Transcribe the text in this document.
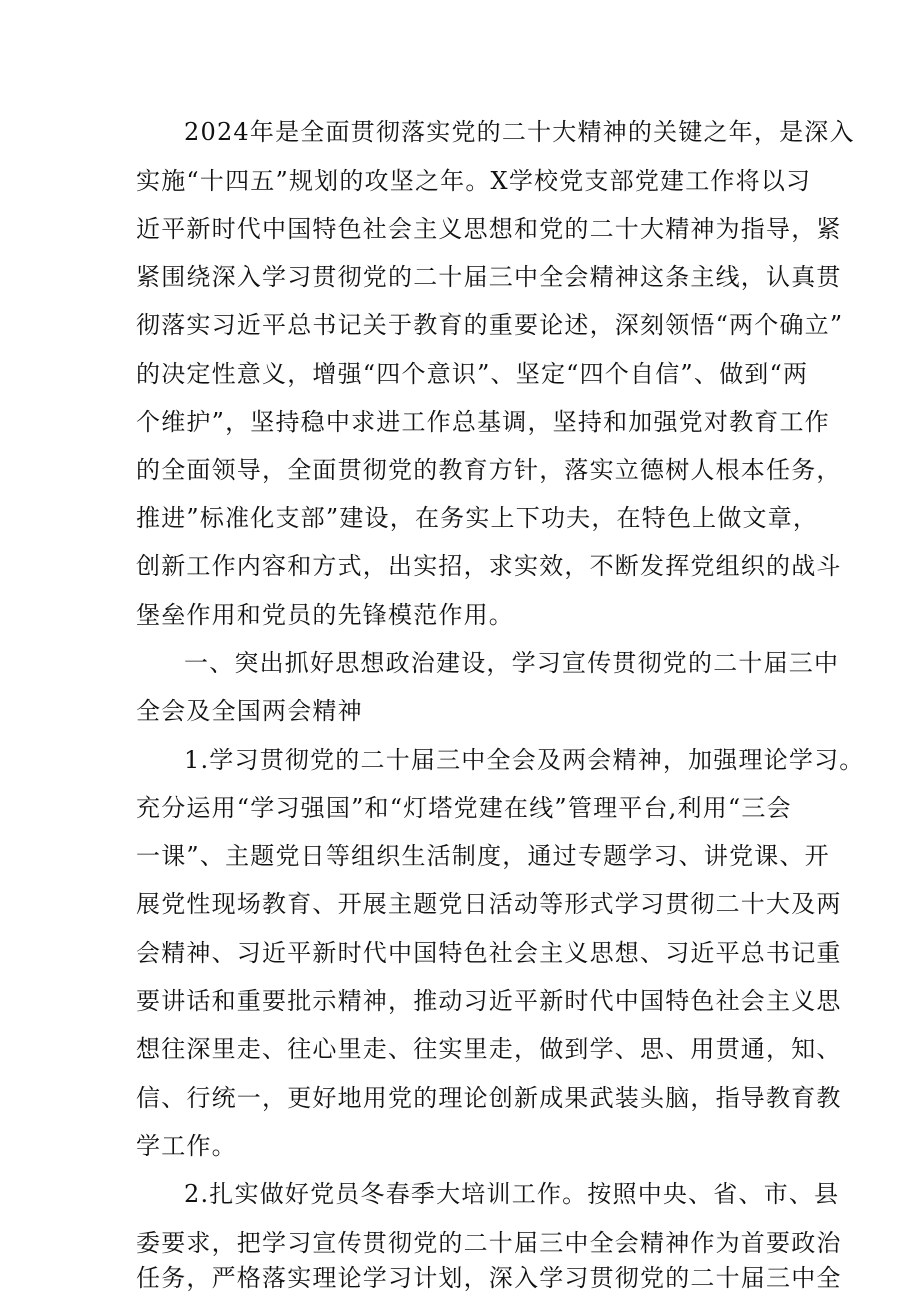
2024年是全面贯彻落实党的二十大精神的关键之年，是深入
实施“十四五”规划的攻坚之年。X学校党支部党建工作将以习
近平新时代中国特色社会主义思想和党的二十大精神为指导，紧
紧围绕深入学习贯彻党的二十届三中全会精神这条主线，认真贯
彻落实习近平总书记关于教育的重要论述，深刻领悟“两个确立”
的决定性意义，增强“四个意识”、坚定“四个自信”、做到“两
个维护”，坚持稳中求进工作总基调，坚持和加强党对教育工作
的全面领导，全面贯彻党的教育方针，落实立德树人根本任务，
推进”标准化支部”建设，在务实上下功夫，在特色上做文章，
创新工作内容和方式，出实招，求实效，不断发挥党组织的战斗
堡垒作用和党员的先锋模范作用。
一、突出抓好思想政治建设，学习宣传贯彻党的二十届三中
全会及全国两会精神
1.学习贯彻党的二十届三中全会及两会精神，加强理论学习。
充分运用“学习强国”和“灯塔党建在线”管理平台,利用“三会
一课”、主题党日等组织生活制度，通过专题学习、讲党课、开
展党性现场教育、开展主题党日活动等形式学习贯彻二十大及两
会精神、习近平新时代中国特色社会主义思想、习近平总书记重
要讲话和重要批示精神，推动习近平新时代中国特色社会主义思
想往深里走、往心里走、往实里走，做到学、思、用贯通，知、
信、行统一，更好地用党的理论创新成果武装头脑，指导教育教
学工作。
2.扎实做好党员冬春季大培训工作。按照中央、省、市、县
委要求，把学习宣传贯彻党的二十届三中全会精神作为首要政治
任务，严格落实理论学习计划，深入学习贯彻党的二十届三中全
